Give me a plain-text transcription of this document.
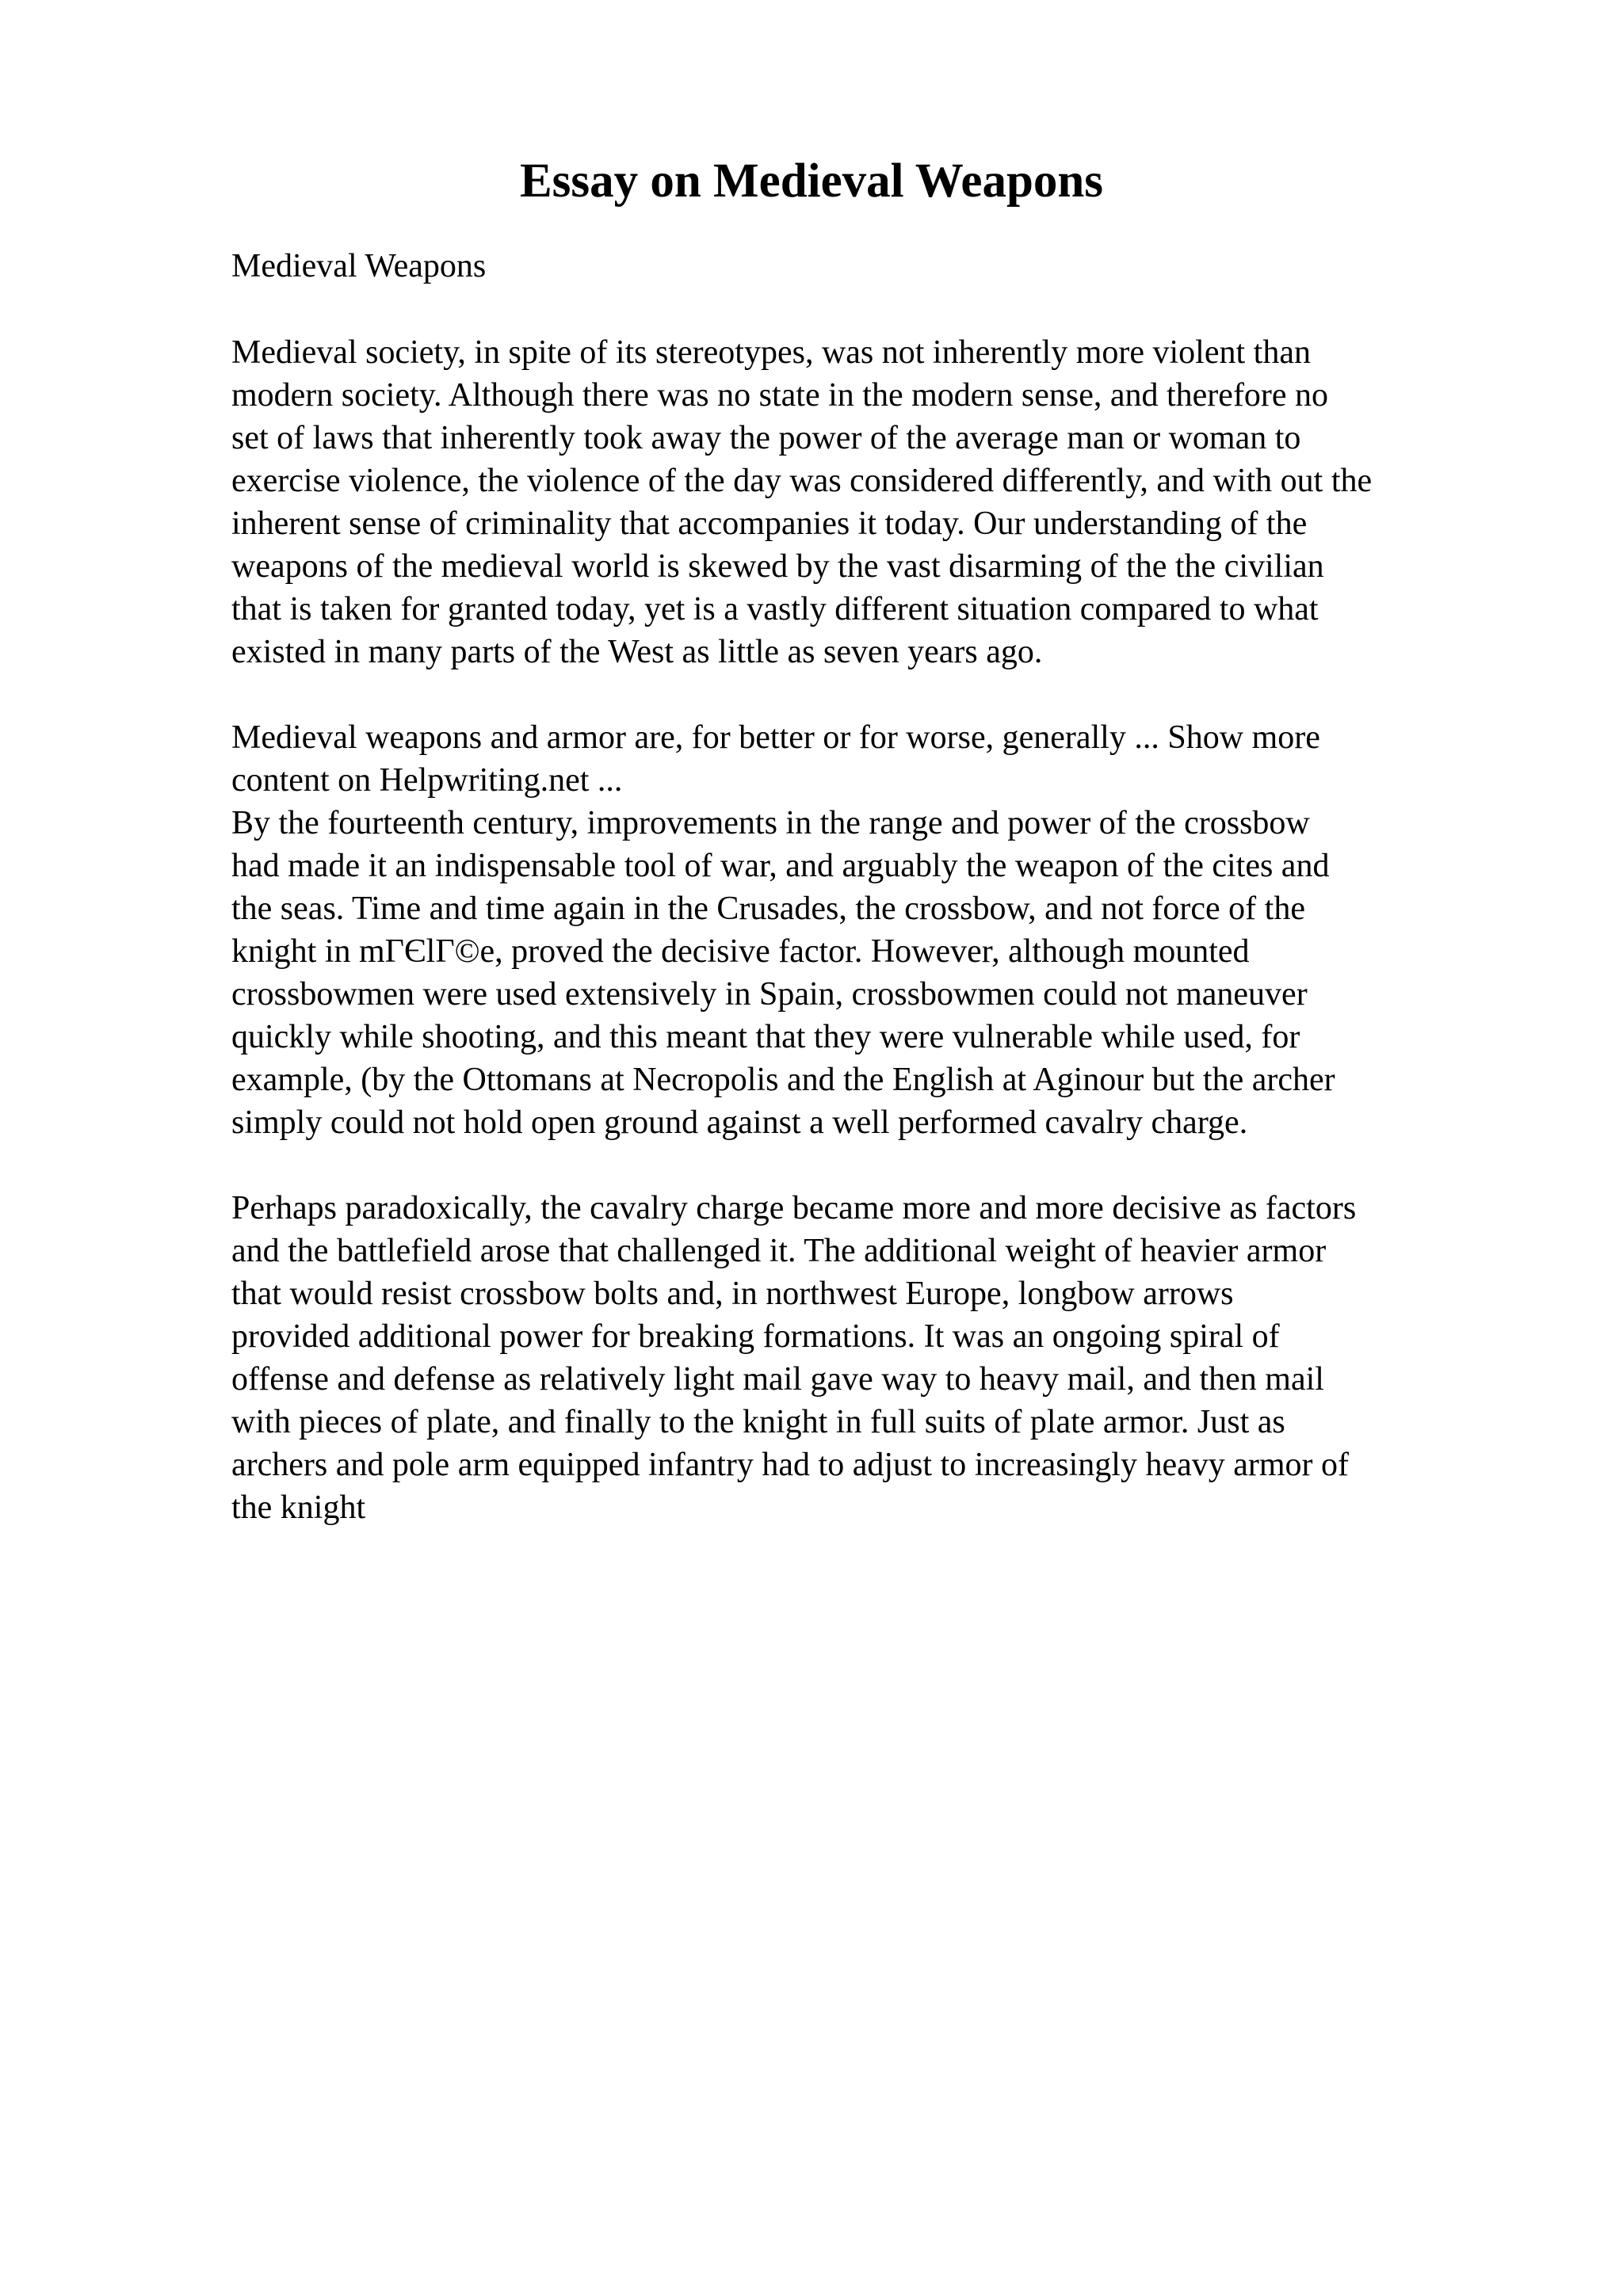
Essay on Medieval Weapons

Medieval Weapons

Medieval society, in spite of its stereotypes, was not inherently more violent than
modern society. Although there was no state in the modern sense, and therefore no
set of laws that inherently took away the power of the average man or woman to
exercise violence, the violence of the day was considered differently, and with out the
inherent sense of criminality that accompanies it today. Our understanding of the
weapons of the medieval world is skewed by the vast disarming of the the civilian
that is taken for granted today, yet is a vastly different situation compared to what
existed in many parts of the West as little as seven years ago.
Medieval weapons and armor are, for better or for worse, generally ... Show more
content on Helpwriting.net ...
By the fourteenth century, improvements in the range and power of the crossbow
had made it an indispensable tool of war, and arguably the weapon of the cites and
the seas. Time and time again in the Crusades, the crossbow, and not force of the
knight in mΓЄlΓ©e, proved the decisive factor. However, although mounted
crossbowmen were used extensively in Spain, crossbowmen could not maneuver
quickly while shooting, and this meant that they were vulnerable while used, for
example, (by the Ottomans at Necropolis and the English at Aginour but the archer
simply could not hold open ground against a well performed cavalry charge.
Perhaps paradoxically, the cavalry charge became more and more decisive as factors
and the battlefield arose that challenged it. The additional weight of heavier armor
that would resist crossbow bolts and, in northwest Europe, longbow arrows
provided additional power for breaking formations. It was an ongoing spiral of
offense and defense as relatively light mail gave way to heavy mail, and then mail
with pieces of plate, and finally to the knight in full suits of plate armor. Just as
archers and pole arm equipped infantry had to adjust to increasingly heavy armor of
the knight
